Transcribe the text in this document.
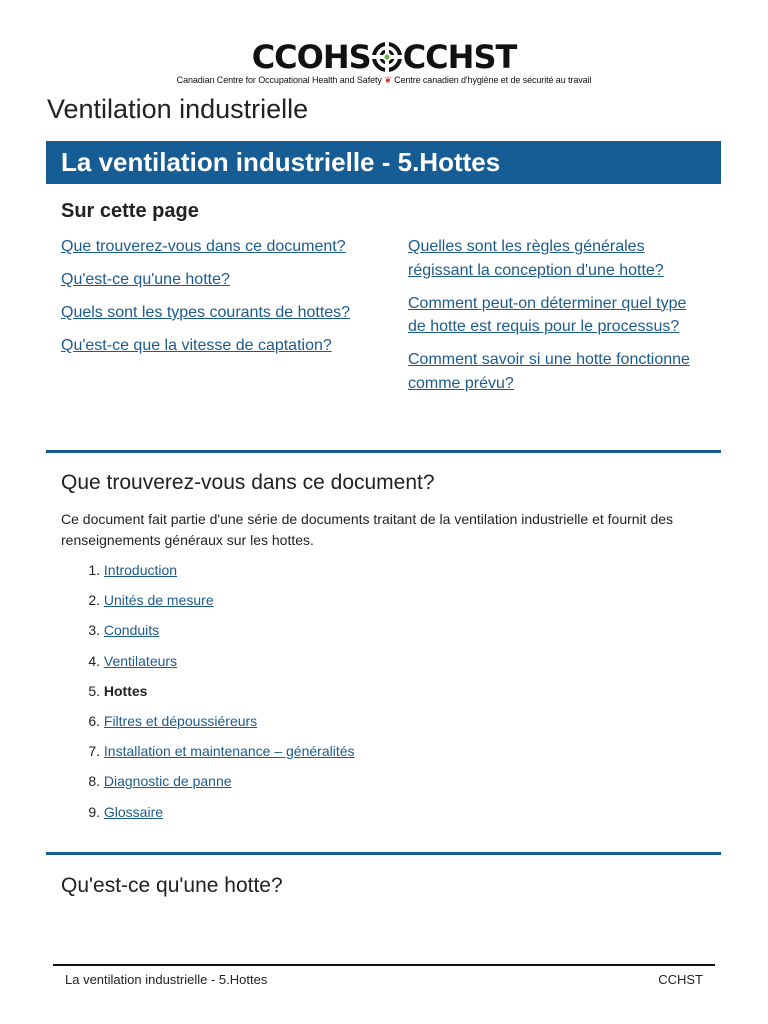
CCOHS CCHST
Canadian Centre for Occupational Health and Safety ❦ Centre canadien d'hygiène et de sécurité au travail
Ventilation industrielle
La ventilation industrielle - 5.Hottes
Sur cette page
Que trouverez-vous dans ce document?
Qu'est-ce qu'une hotte?
Quels sont les types courants de hottes?
Qu'est-ce que la vitesse de captation?
Quelles sont les règles générales régissant la conception d'une hotte?
Comment peut-on déterminer quel type de hotte est requis pour le processus?
Comment savoir si une hotte fonctionne comme prévu?
Que trouverez-vous dans ce document?

Ce document fait partie d'une série de documents traitant de la ventilation industrielle et fournit des renseignements généraux sur les hottes.

1.
Introduction
2.
Unités de mesure
3.
Conduits
4.
Ventilateurs
5.
Hottes
6.
Filtres et dépoussiéreurs
7.
Installation et maintenance – généralités
8.
Diagnostic de panne
9.
Glossaire
Qu'est-ce qu'une hotte?
La ventilation industrielle - 5.Hottes	CCHST
